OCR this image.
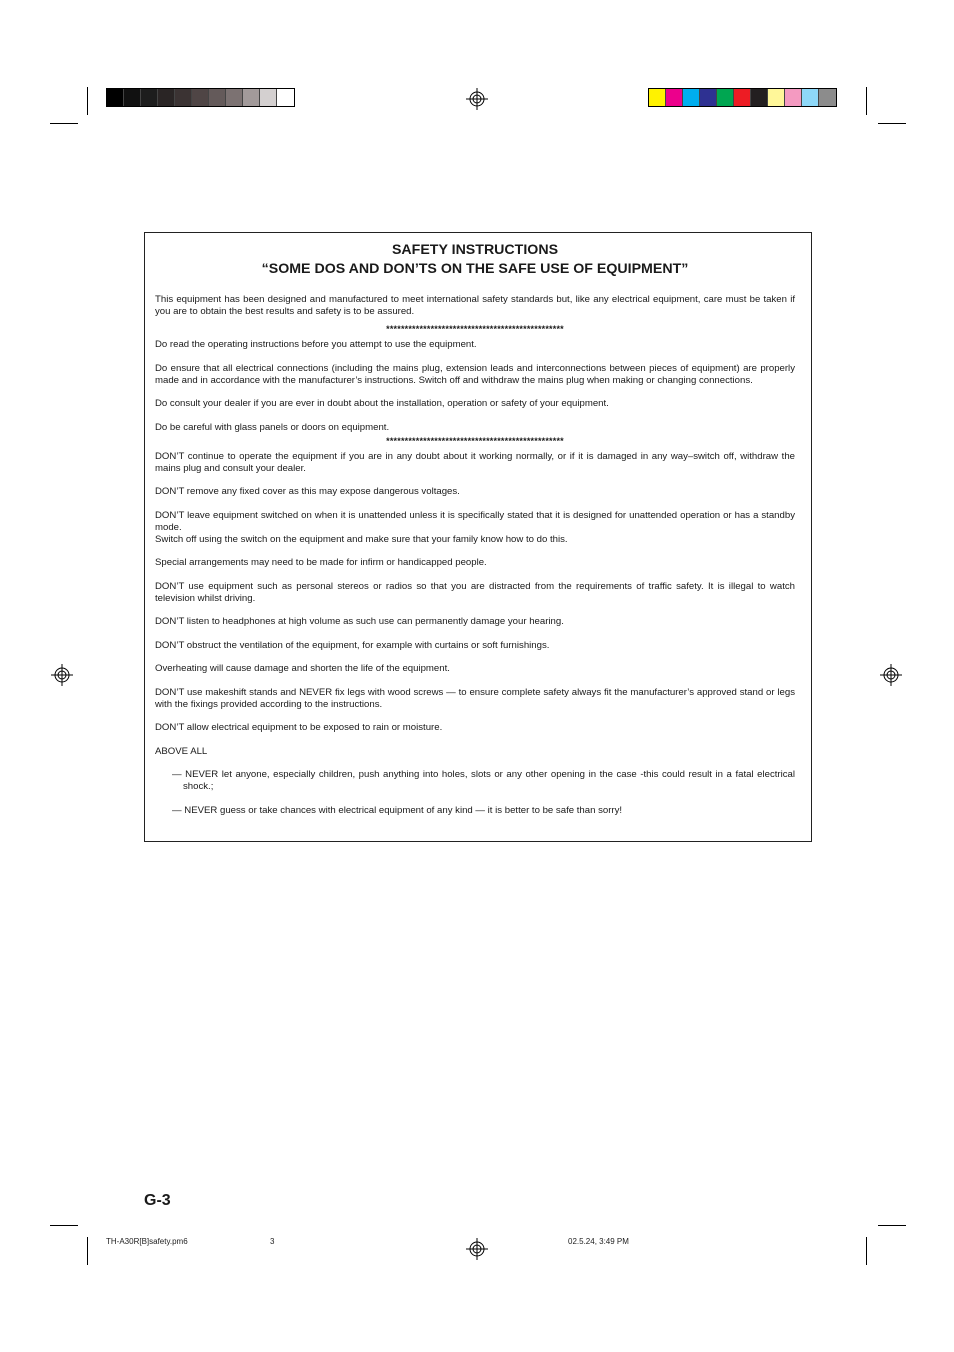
SAFETY INSTRUCTIONS
“SOME DOS AND DON’TS ON THE SAFE USE OF EQUIPMENT”
This equipment has been designed and manufactured to meet international safety standards but, like any electrical equipment, care must be taken if you are to obtain the best results and safety is to be assured.
************************************************
Do read the operating instructions before you attempt to use the equipment.
Do ensure that all electrical connections (including the mains plug, extension leads and interconnections between pieces of equipment) are properly made and in accordance with the manufacturer’s instructions. Switch off and withdraw the mains plug when making or changing connections.
Do consult your dealer if you are ever in doubt about the installation, operation or safety of your equipment.
Do be careful with glass panels or doors on equipment.
************************************************
DON’T continue to operate the equipment if you are in any doubt about it working normally, or if it is damaged in any way–switch off, withdraw the mains plug and consult your dealer.
DON’T remove any fixed cover as this may expose dangerous voltages.
DON’T leave equipment switched on when it is unattended unless it is specifically stated that it is designed for unattended operation or has a standby mode.
Switch off using the switch on the equipment and make sure that your family know how to do this.
Special arrangements may need to be made for infirm or handicapped people.
DON’T use equipment such as personal stereos or radios so that you are distracted from the requirements of traffic safety. It is illegal to watch television whilst driving.
DON’T listen to headphones at high volume as such use can permanently damage your hearing.
DON’T obstruct the ventilation of the equipment, for example with curtains or soft furnishings.
Overheating will cause damage and shorten the life of the equipment.
DON’T use makeshift stands and NEVER fix legs with wood screws — to ensure complete safety always fit the manufacturer’s approved stand or legs with the fixings provided according to the instructions.
DON’T allow electrical equipment to be exposed to rain or moisture.
ABOVE ALL
— NEVER let anyone, especially children, push anything into holes, slots or any other opening in the case -this could result in a fatal electrical shock.;
— NEVER guess or take chances with electrical equipment of any kind — it is better to be safe than sorry!
G-3
TH-A30R[B]safety.pm6	3	02.5.24, 3:49 PM
